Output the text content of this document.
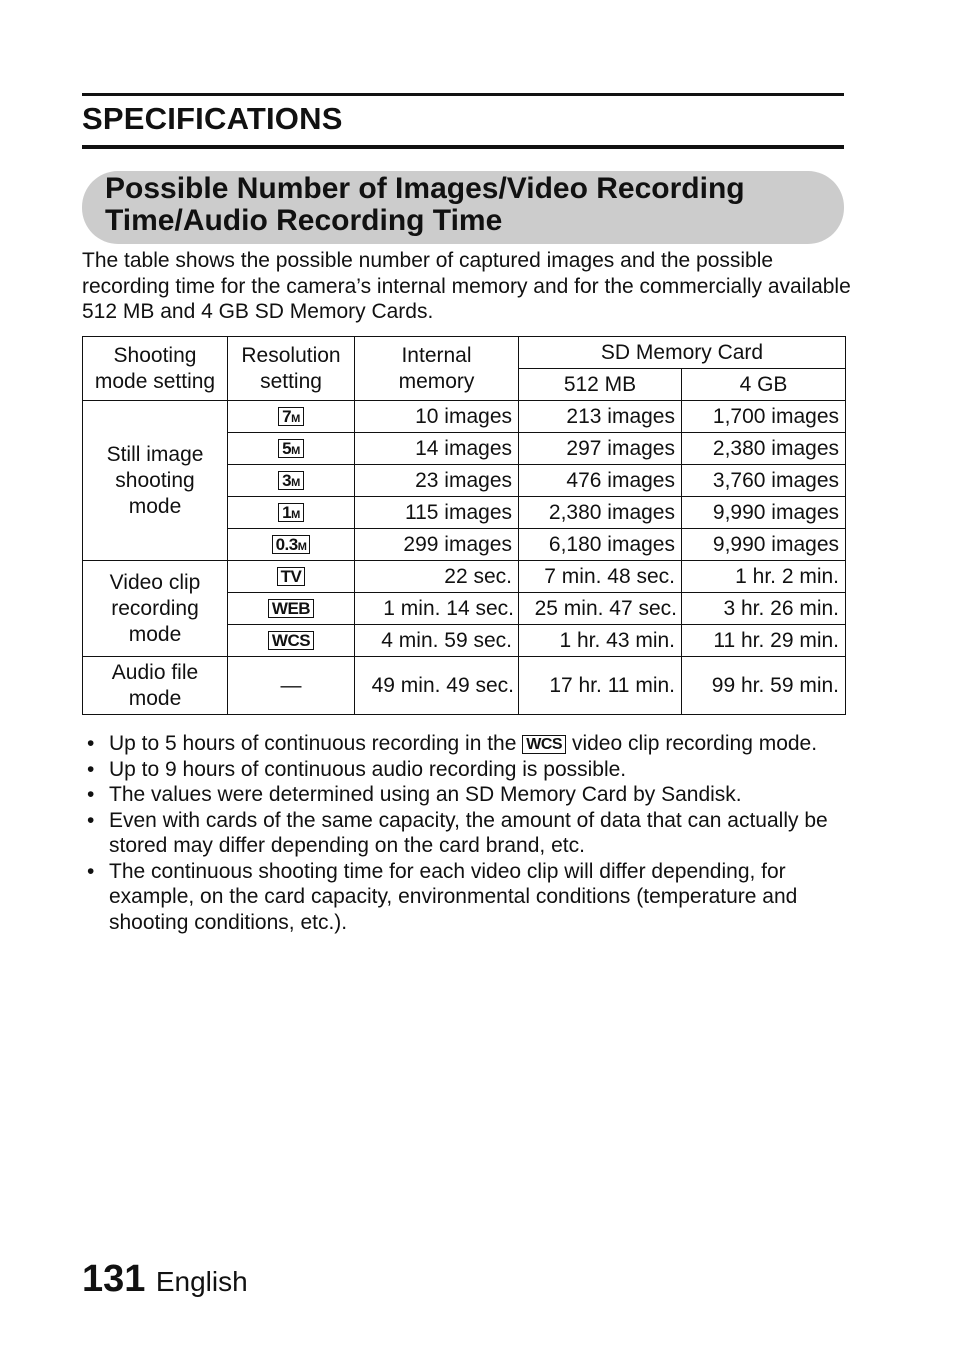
SPECIFICATIONS
Possible Number of Images/Video Recording
Time/Audio Recording Time

The table shows the possible number of captured images and the possible recording time for the camera’s internal memory and for the commercially available 512 MB and 4 GB SD Memory Cards.

Shooting mode setting	Resolution setting	Internal memory	SD Memory Card	
			512 MB	4 GB
Still image shooting mode	7M	10 images	213 images	1,700 images
	5M	14 images	297 images	2,380 images
	3M	23 images	476 images	3,760 images
	1M	115 images	2,380 images	9,990 images
	0.3M	299 images	6,180 images	9,990 images
Video clip recording mode	TV	22 sec.	7 min. 48 sec.	1 hr. 2 min.
	WEB	1 min. 14 sec.	25 min. 47 sec.	3 hr. 26 min.
	WCS	4 min. 59 sec.	1 hr. 43 min.	11 hr. 29 min.
Audio file mode	—	49 min. 49 sec.	17 hr. 11 min.	99 hr. 59 min.
• Up to 5 hours of continuous recording in the WCS video clip recording mode.
• Up to 9 hours of continuous audio recording is possible.
• The values were determined using an SD Memory Card by Sandisk.
• Even with cards of the same capacity, the amount of data that can actually be stored may differ depending on the card brand, etc.
• The continuous shooting time for each video clip will differ depending, for example, on the card capacity, environmental conditions (temperature and shooting conditions, etc.).
131 English
